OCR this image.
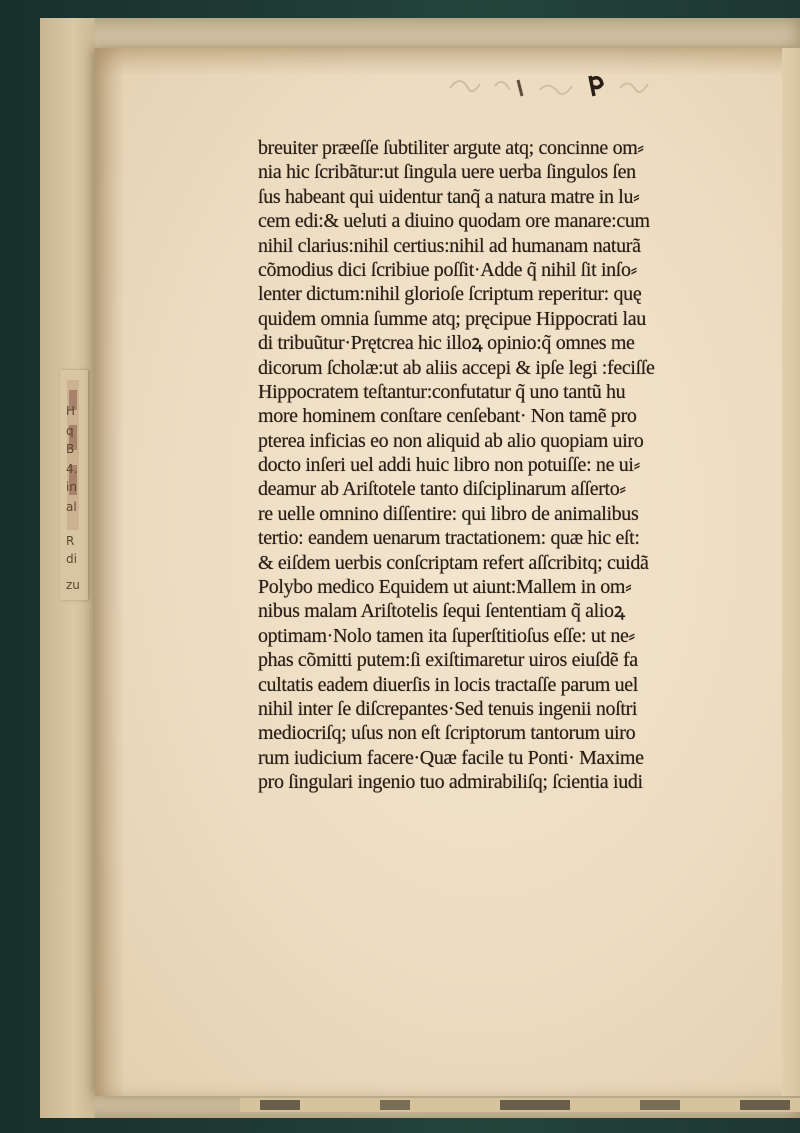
H
q
B
4.
in
al
R
di
zu
breuiter præeſſe ſubtiliter argute atq; concinne om⸗
nia hic ſcribãtur:ut ſingula uere uerba ſingulos ſen
ſus habeant qui uidentur tanq̃ a natura matre in lu⸗
cem edi:& ueluti a diuino quodam ore manare:cum
nihil clarius:nihil certius:nihil ad humanam naturã
cõmodius dici ſcribiue poſſit·Adde q̃ nihil ſit inſo⸗
lenter dictum:nihil glorioſe ſcriptum reperitur: quę
quidem omnia ſumme atq; pręcipue Hippocrati lau
di tribuũtur·Prętcrea hic illoꝝ opinio:q̃ omnes me
dicorum ſcholæ:ut ab aliis accepi & ipſe legi :feciſſe
Hippocratem teſtantur:confutatur q̃ uno tantũ hu
more hominem conſtare cenſebant· Non tamẽ pro
pterea inficias eo non aliquid ab alio quopiam uiro
docto inſeri uel addi huic libro non potuiſſe: ne ui⸗
deamur ab Ariſtotele tanto diſciplinarum aſſerto⸗
re uelle omnino diſſentire: qui libro de animalibus
tertio: eandem uenarum tractationem: quæ hic eſt:
& eiſdem uerbis conſcriptam refert aſſcribitq; cuidã
Polybo medico Equidem ut aiunt:Mallem in om⸗
nibus malam Ariſtotelis ſequi ſententiam q̃ alioꝝ
optimam·Nolo tamen ita ſuperſtitioſus eſſe: ut ne⸗
phas cõmitti putem:ſi exiſtimaretur uiros eiuſdẽ fa
cultatis eadem diuerſis in locis tractaſſe parum uel
nihil inter ſe diſcrepantes·Sed tenuis ingenii noſtri
mediocriſq; uſus non eſt ſcriptorum tantorum uiro
rum iudicium facere·Quæ facile tu Ponti· Maxime
pro ſingulari ingenio tuo admirabiliſq; ſcientia iudi
